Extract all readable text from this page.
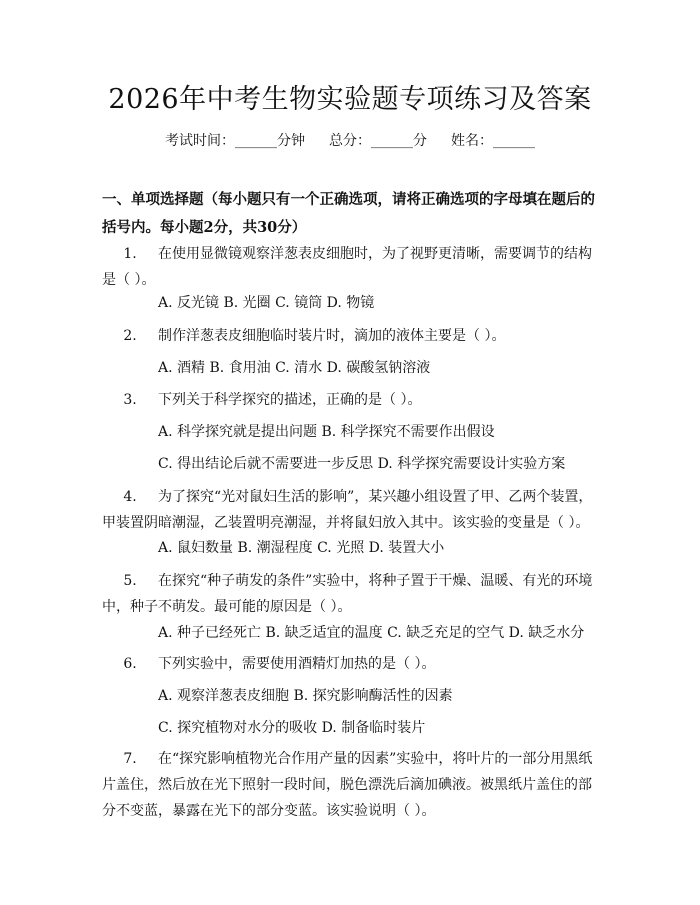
2026年中考生物实验题专项练习及答案
考试时间：______分钟 总分：______分 姓名：______
一、单项选择题（每小题只有一个正确选项，请将正确选项的字母填在题后的括号内。每小题2分，共30分）
1. 在使用显微镜观察洋葱表皮细胞时，为了视野更清晰，需要调节的结构是（ ）。
A. 反光镜 B. 光圈 C. 镜筒 D. 物镜
2. 制作洋葱表皮细胞临时装片时，滴加的液体主要是（ ）。
A. 酒精 B. 食用油 C. 清水 D. 碳酸氢钠溶液
3. 下列关于科学探究的描述，正确的是（ ）。
A. 科学探究就是提出问题 B. 科学探究不需要作出假设
C. 得出结论后就不需要进一步反思 D. 科学探究需要设计实验方案
4. 为了探究“光对鼠妇生活的影响”，某兴趣小组设置了甲、乙两个装置，甲装置阴暗潮湿，乙装置明亮潮湿，并将鼠妇放入其中。该实验的变量是（ ）。
A. 鼠妇数量 B. 潮湿程度 C. 光照 D. 装置大小
5. 在探究“种子萌发的条件”实验中，将种子置于干燥、温暖、有光的环境中，种子不萌发。最可能的原因是（ ）。
A. 种子已经死亡 B. 缺乏适宜的温度 C. 缺乏充足的空气 D. 缺乏水分
6. 下列实验中，需要使用酒精灯加热的是（ ）。
A. 观察洋葱表皮细胞 B. 探究影响酶活性的因素
C. 探究植物对水分的吸收 D. 制备临时装片
7. 在“探究影响植物光合作用产量的因素”实验中，将叶片的一部分用黑纸片盖住，然后放在光下照射一段时间，脱色漂洗后滴加碘液。被黑纸片盖住的部分不变蓝，暴露在光下的部分变蓝。该实验说明（ ）。
